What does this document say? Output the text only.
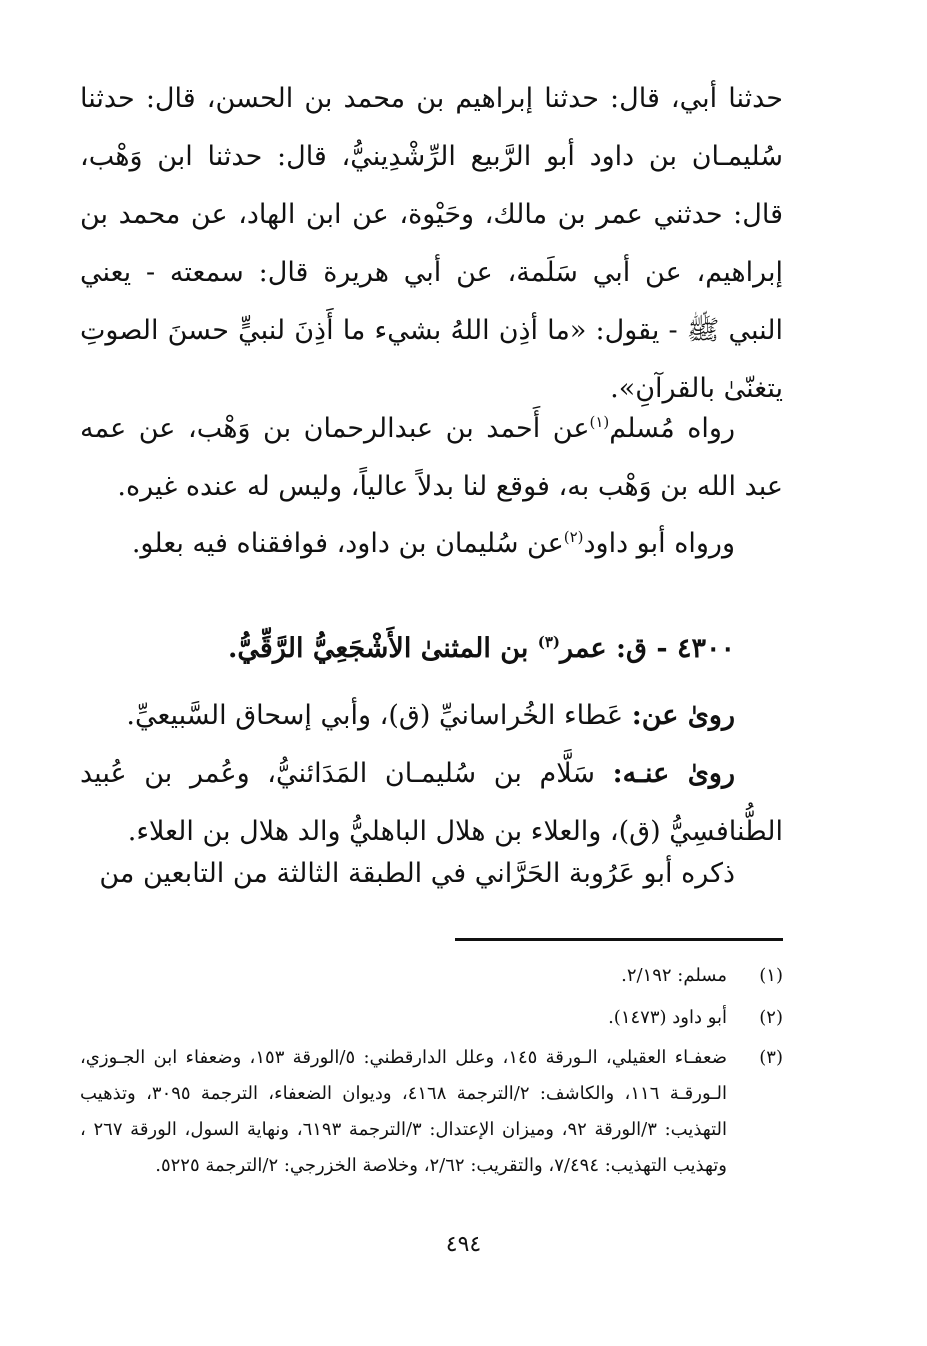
حدثنا أبي، قال: حدثنا إبراهيم بن محمد بن الحسن، قال: حدثنا سُليمـان بن داود أبو الرَّبيع الرِّشْدِينيُّ، قال: حدثنا ابن وَهْب، قال: حدثني عمر بن مالك، وحَيْوة، عن ابن الهاد، عن محمد بن إبراهيم، عن أبي سَلَمة، عن أبي هريرة قال: سمعته - يعني النبي ﷺ - يقول: «ما أذِن اللهُ بشيء ما أَذِنَ لنبيٍّ حسنَ الصوتِ يتغنّىٰ بالقرآنِ».
رواه مُسلم$^{(١)}$عن أَحمد بن عبدالرحمان بن وَهْب، عن عمه عبد الله بن وَهْب به، فوقع لنا بدلاً عالياً، وليس له عنده غيره.
ورواه أبو داود$^{(٢)}$عن سُليمان بن داود، فوافقناه فيه بعلو.
٤٣٠٠ - ق: عمر$^{(٣)}$ بن المثنىٰ الأَشْجَعِيُّ الرَّقِّيُّ.
روىٰ عن: عَطاء الخُراسانيِّ (ق)، وأبي إسحاق السَّبيعيِّ.
روىٰ عنـه: سَلَّام بن سُليمـان المَدَائنيُّ، وعُمر بن عُبيد الطُّنافسِيُّ (ق)، والعلاء بن هلال الباهليُّ والد هلال بن العلاء.
ذكره أبو عَرُوبة الحَرَّاني في الطبقة الثالثة من التابعين من
(١)
مسلم: ٢/١٩٢.
(٢)
أبو داود (١٤٧٣).
(٣)
ضعفـاء العقيلي، الـورقة ١٤٥، وعلل الدارقطني: ٥/الورقة ١٥٣، وضعفاء ابن الجـوزي، الـورقـة ١١٦، والكاشف: ٢/الترجمة ٤١٦٨، وديوان الضعفاء، الترجمة ٣٠٩٥، وتذهيب التهذيب: ٣/الورقة ٩٢، وميزان الإعتدال: ٣/الترجمة ٦١٩٣، ونهاية السول، الورقة ٢٦٧ ، وتهذيب التهذيب: ٧/٤٩٤، والتقريب: ٢/٦٢، وخلاصة الخزرجي: ٢/الترجمة ٥٢٢٥.
٤٩٤
